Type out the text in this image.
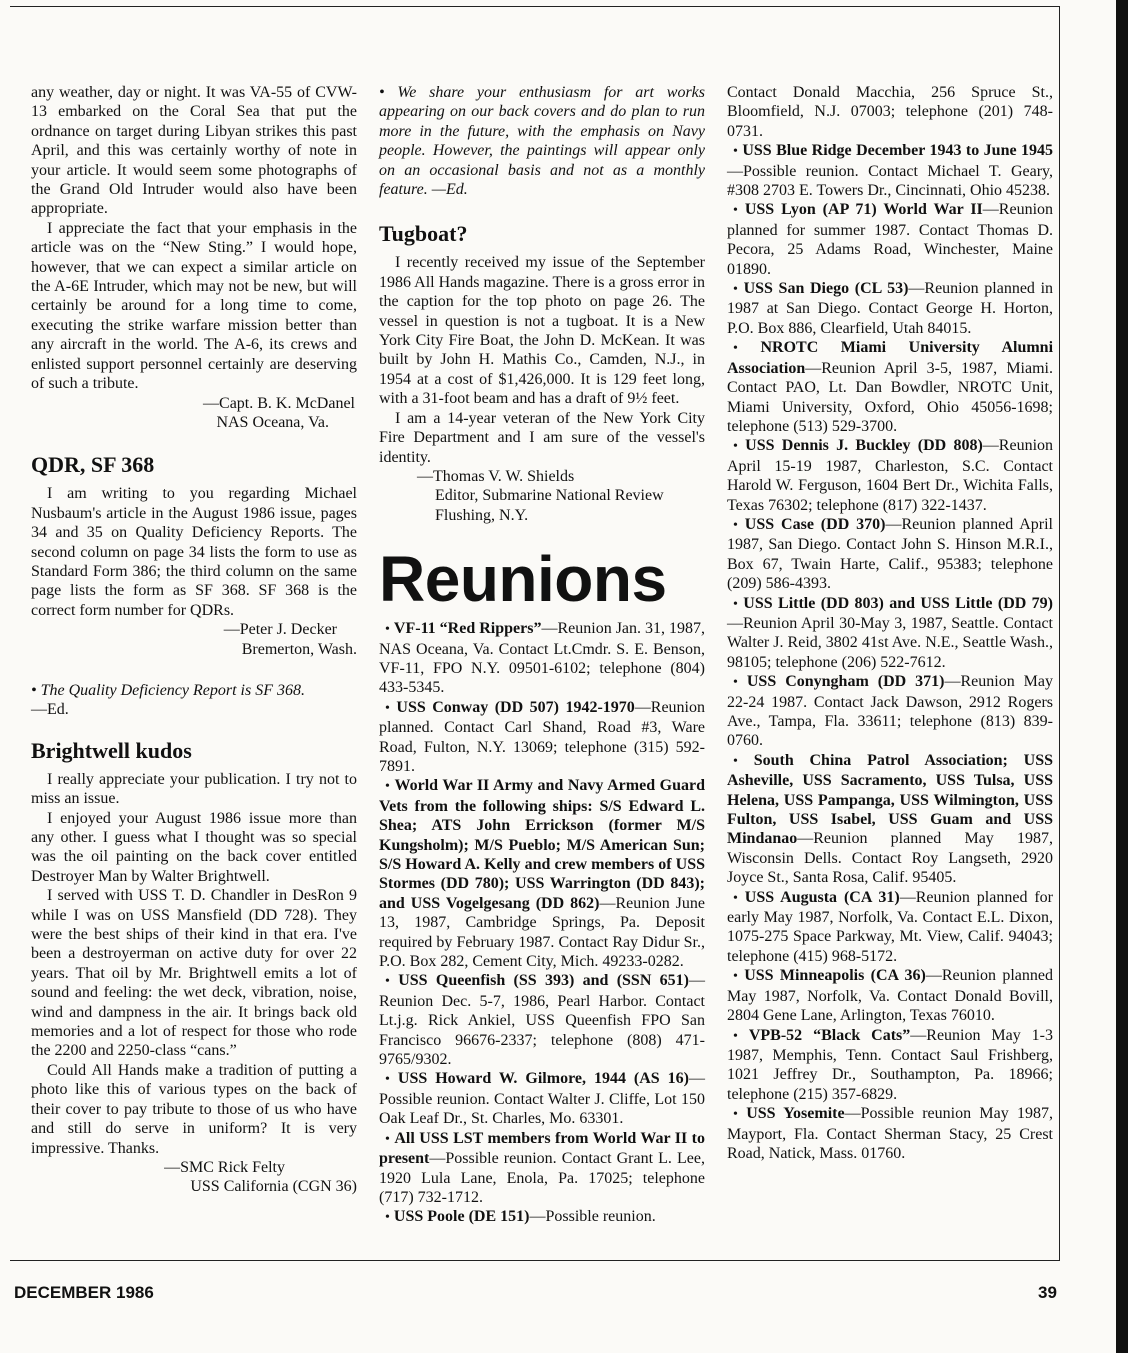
any weather, day or night. It was VA-55 of CVW-13 embarked on the Coral Sea that put the ordnance on target during Libyan strikes this past April, and this was certainly worthy of note in your article. It would seem some photographs of the Grand Old Intruder would also have been appropriate.

I appreciate the fact that your emphasis in the article was on the “New Sting.” I would hope, however, that we can expect a similar article on the A-6E Intruder, which may not be new, but will certainly be around for a long time to come, executing the strike warfare mission better than any aircraft in the world. The A-6, its crews and enlisted support personnel certainly are deserving of such a tribute.

—Capt. B. K. McDanel

NAS Oceana, Va.

QDR, SF 368

I am writing to you regarding Michael Nusbaum's article in the August 1986 issue, pages 34 and 35 on Quality Deficiency Reports. The second column on page 34 lists the form to use as Standard Form 386; the third column on the same page lists the form as SF 368. SF 368 is the correct form number for QDRs.

—Peter J. Decker

Bremerton, Wash.

• The Quality Deficiency Report is SF 368.

—Ed.

Brightwell kudos

I really appreciate your publication. I try not to miss an issue.

I enjoyed your August 1986 issue more than any other. I guess what I thought was so special was the oil painting on the back cover entitled Destroyer Man by Walter Brightwell.

I served with USS T. D. Chandler in DesRon 9 while I was on USS Mansfield (DD 728). They were the best ships of their kind in that era. I've been a destroyerman on active duty for over 22 years. That oil by Mr. Brightwell emits a lot of sound and feeling: the wet deck, vibration, noise, wind and dampness in the air. It brings back old memories and a lot of respect for those who rode the 2200 and 2250-class “cans.”

Could All Hands make a tradition of putting a photo like this of various types on the back of their cover to pay tribute to those of us who have and still do serve in uniform? It is very impressive. Thanks.

—SMC Rick Felty

USS California (CGN 36)

• We share your enthusiasm for art works appearing on our back covers and do plan to run more in the future, with the emphasis on Navy people. However, the paintings will appear only on an occasional basis and not as a monthly feature. —Ed.

Tugboat?

I recently received my issue of the September 1986 All Hands magazine. There is a gross error in the caption for the top photo on page 26. The vessel in question is not a tugboat. It is a New York City Fire Boat, the John D. McKean. It was built by John H. Mathis Co., Camden, N.J., in 1954 at a cost of $1,426,000. It is 129 feet long, with a 31-foot beam and has a draft of 9½ feet.

I am a 14-year veteran of the New York City Fire Department and I am sure of the vessel's identity.

—Thomas V. W. Shields

Editor, Submarine National Review

Flushing, N.Y.

Reunions

• VF-11 “Red Rippers”—Reunion Jan. 31, 1987, NAS Oceana, Va. Contact Lt.Cmdr. S. E. Benson, VF-11, FPO N.Y. 09501-6102; telephone (804) 433-5345.

• USS Conway (DD 507) 1942-1970—Reunion planned. Contact Carl Shand, Road #3, Ware Road, Fulton, N.Y. 13069; telephone (315) 592-7891.

• World War II Army and Navy Armed Guard Vets from the following ships: S/S Edward L. Shea; ATS John Errickson (former M/S Kungsholm); M/S Pueblo; M/S American Sun; S/S Howard A. Kelly and crew members of USS Stormes (DD 780); USS Warrington (DD 843); and USS Vogelgesang (DD 862)—Reunion June 13, 1987, Cambridge Springs, Pa. Deposit required by February 1987. Contact Ray Didur Sr., P.O. Box 282, Cement City, Mich. 49233-0282.

• USS Queenfish (SS 393) and (SSN 651)—Reunion Dec. 5-7, 1986, Pearl Harbor. Contact Lt.j.g. Rick Ankiel, USS Queenfish FPO San Francisco 96676-2337; telephone (808) 471-9765/9302.

• USS Howard W. Gilmore, 1944 (AS 16)—Possible reunion. Contact Walter J. Cliffe, Lot 150 Oak Leaf Dr., St. Charles, Mo. 63301.

• All USS LST members from World War II to present—Possible reunion. Contact Grant L. Lee, 1920 Lula Lane, Enola, Pa. 17025; telephone (717) 732-1712.

• USS Poole (DE 151)—Possible reunion.

Contact Donald Macchia, 256 Spruce St., Bloomfield, N.J. 07003; telephone (201) 748-0731.

• USS Blue Ridge December 1943 to June 1945—Possible reunion. Contact Michael T. Geary, #308 2703 E. Towers Dr., Cincinnati, Ohio 45238.

• USS Lyon (AP 71) World War II—Reunion planned for summer 1987. Contact Thomas D. Pecora, 25 Adams Road, Winchester, Maine 01890.

• USS San Diego (CL 53)—Reunion planned in 1987 at San Diego. Contact George H. Horton, P.O. Box 886, Clearfield, Utah 84015.

• NROTC Miami University Alumni Association—Reunion April 3-5, 1987, Miami. Contact PAO, Lt. Dan Bowdler, NROTC Unit, Miami University, Oxford, Ohio 45056-1698; telephone (513) 529-3700.

• USS Dennis J. Buckley (DD 808)—Reunion April 15-19 1987, Charleston, S.C. Contact Harold W. Ferguson, 1604 Bert Dr., Wichita Falls, Texas 76302; telephone (817) 322-1437.

• USS Case (DD 370)—Reunion planned April 1987, San Diego. Contact John S. Hinson M.R.I., Box 67, Twain Harte, Calif., 95383; telephone (209) 586-4393.

• USS Little (DD 803) and USS Little (DD 79)—Reunion April 30-May 3, 1987, Seattle. Contact Walter J. Reid, 3802 41st Ave. N.E., Seattle Wash., 98105; telephone (206) 522-7612.

• USS Conyngham (DD 371)—Reunion May 22-24 1987. Contact Jack Dawson, 2912 Rogers Ave., Tampa, Fla. 33611; telephone (813) 839-0760.

• South China Patrol Association; USS Asheville, USS Sacramento, USS Tulsa, USS Helena, USS Pampanga, USS Wilmington, USS Fulton, USS Isabel, USS Guam and USS Mindanao—Reunion planned May 1987, Wisconsin Dells. Contact Roy Langseth, 2920 Joyce St., Santa Rosa, Calif. 95405.

• USS Augusta (CA 31)—Reunion planned for early May 1987, Norfolk, Va. Contact E.L. Dixon, 1075-275 Space Parkway, Mt. View, Calif. 94043; telephone (415) 968-5172.

• USS Minneapolis (CA 36)—Reunion planned May 1987, Norfolk, Va. Contact Donald Bovill, 2804 Gene Lane, Arlington, Texas 76010.

• VPB-52 “Black Cats”—Reunion May 1-3 1987, Memphis, Tenn. Contact Saul Frishberg, 1021 Jeffrey Dr., Southampton, Pa. 18966; telephone (215) 357-6829.

• USS Yosemite—Possible reunion May 1987, Mayport, Fla. Contact Sherman Stacy, 25 Crest Road, Natick, Mass. 01760.

DECEMBER 1986	39
